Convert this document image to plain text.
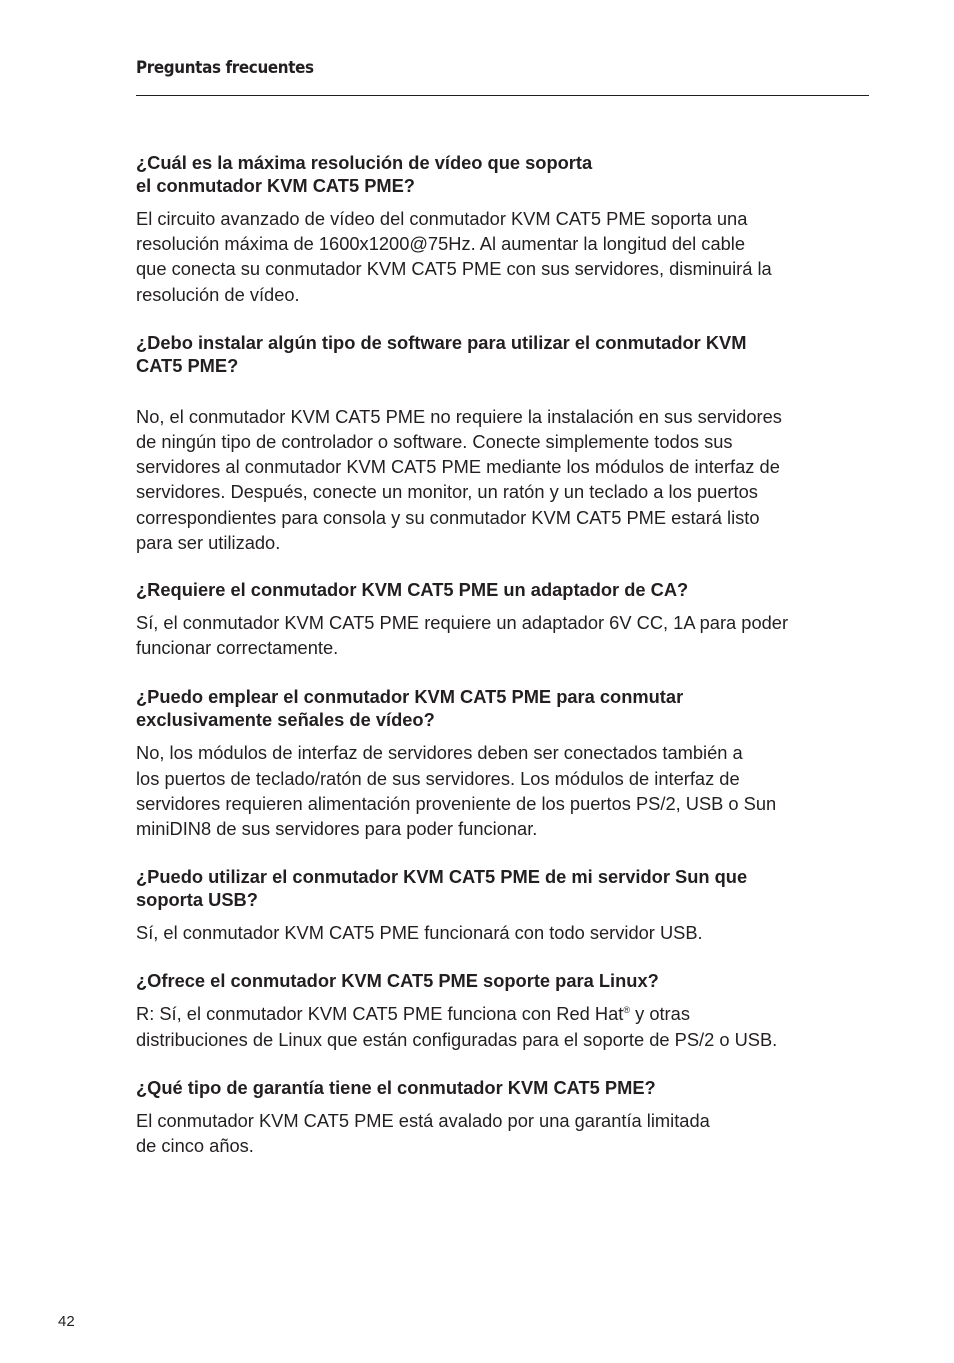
Preguntas frecuentes

¿Cuál es la máxima resolución de vídeo que soporta
el conmutador KVM CAT5 PME?

El circuito avanzado de vídeo del conmutador KVM CAT5 PME soporta una
resolución máxima de 1600x1200@75Hz. Al aumentar la longitud del cable
que conecta su conmutador KVM CAT5 PME con sus servidores, disminuirá la
resolución de vídeo.

¿Debo instalar algún tipo de software para utilizar el conmutador KVM
CAT5 PME?

No, el conmutador KVM CAT5 PME no requiere la instalación en sus servidores
de ningún tipo de controlador o software. Conecte simplemente todos sus
servidores al conmutador KVM CAT5 PME mediante los módulos de interfaz de
servidores. Después, conecte un monitor, un ratón y un teclado a los puertos
correspondientes para consola y su conmutador KVM CAT5 PME estará listo
para ser utilizado.

¿Requiere el conmutador KVM CAT5 PME un adaptador de CA?

Sí, el conmutador KVM CAT5 PME requiere un adaptador 6V CC, 1A para poder
funcionar correctamente.

¿Puedo emplear el conmutador KVM CAT5 PME para conmutar
exclusivamente señales de vídeo?

No, los módulos de interfaz de servidores deben ser conectados también a
los puertos de teclado/ratón de sus servidores. Los módulos de interfaz de
servidores requieren alimentación proveniente de los puertos PS/2, USB o Sun
miniDIN8 de sus servidores para poder funcionar.

¿Puedo utilizar el conmutador KVM CAT5 PME de mi servidor Sun que
soporta USB?

Sí, el conmutador KVM CAT5 PME funcionará con todo servidor USB.

¿Ofrece el conmutador KVM CAT5 PME soporte para Linux?

R: Sí, el conmutador KVM CAT5 PME funciona con Red Hat® y otras
distribuciones de Linux que están configuradas para el soporte de PS/2 o USB.

¿Qué tipo de garantía tiene el conmutador KVM CAT5 PME?

El conmutador KVM CAT5 PME está avalado por una garantía limitada
de cinco años.

42
